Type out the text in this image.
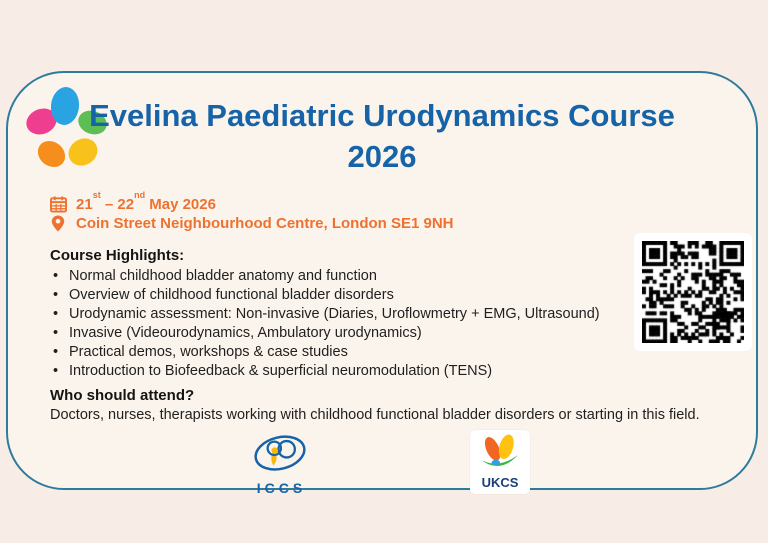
Evelina Paediatric Urodynamics Course
2026
21st – 22nd May 2026
Coin Street Neighbourhood Centre, London SE1 9NH
Course Highlights:
• Normal childhood bladder anatomy and function
• Overview of childhood functional bladder disorders
• Urodynamic assessment: Non-invasive (Diaries, Uroflowmetry + EMG, Ultrasound)
• Invasive (Videourodynamics, Ambulatory urodynamics)
• Practical demos, workshops & case studies
• Introduction to Biofeedback & superficial neuromodulation (TENS)
Who should attend?

Doctors, nurses, therapists working with childhood functional bladder disorders or starting in this field.

ICCS	UKCS
